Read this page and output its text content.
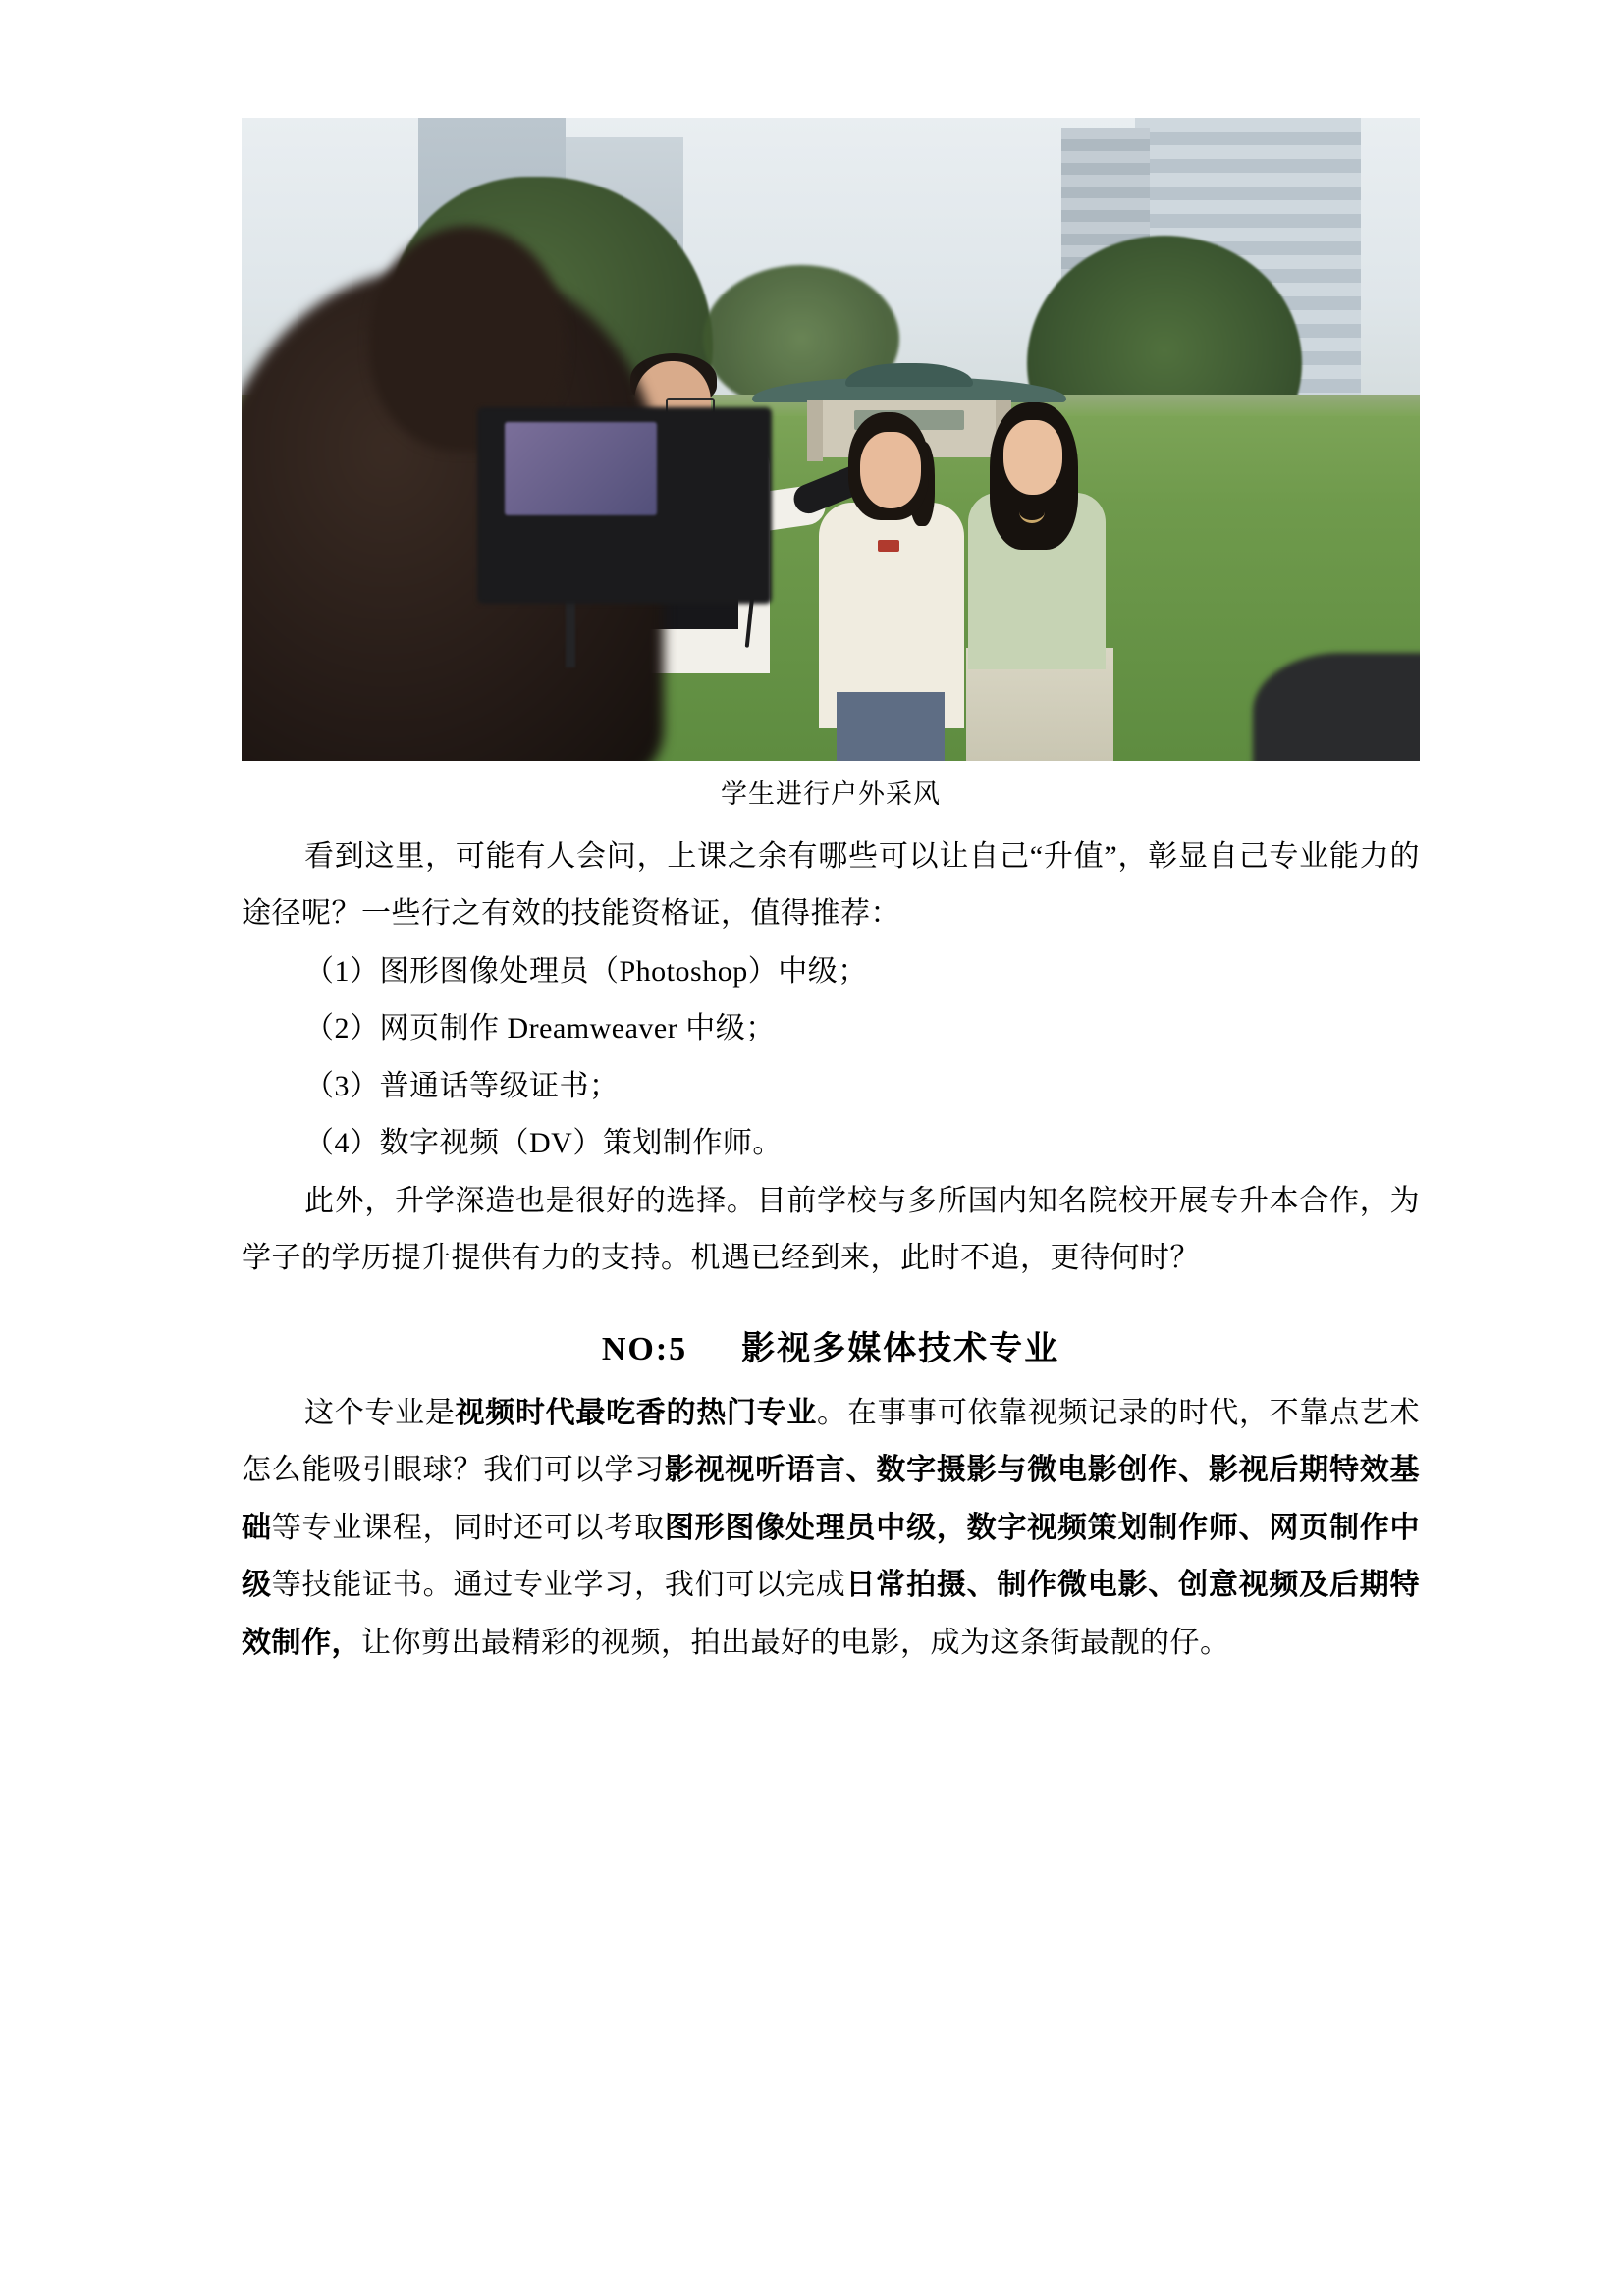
学生进行户外采风

看到这里，可能有人会问，上课之余有哪些可以让自己“升值”，彰显自己专业能力的途径呢？一些行之有效的技能资格证，值得推荐：

（1）图形图像处理员（Photoshop）中级；

（2）网页制作 Dreamweaver 中级；

（3）普通话等级证书；

（4）数字视频（DV）策划制作师。

此外，升学深造也是很好的选择。目前学校与多所国内知名院校开展专升本合作，为学子的学历提升提供有力的支持。机遇已经到来，此时不追，更待何时？

NO:5 影视多媒体技术专业

这个专业是视频时代最吃香的热门专业。在事事可依靠视频记录的时代，不靠点艺术怎么能吸引眼球？我们可以学习影视视听语言、数字摄影与微电影创作、影视后期特效基础等专业课程，同时还可以考取图形图像处理员中级，数字视频策划制作师、网页制作中级等技能证书。通过专业学习，我们可以完成日常拍摄、制作微电影、创意视频及后期特效制作，让你剪出最精彩的视频，拍出最好的电影，成为这条街最靓的仔。
